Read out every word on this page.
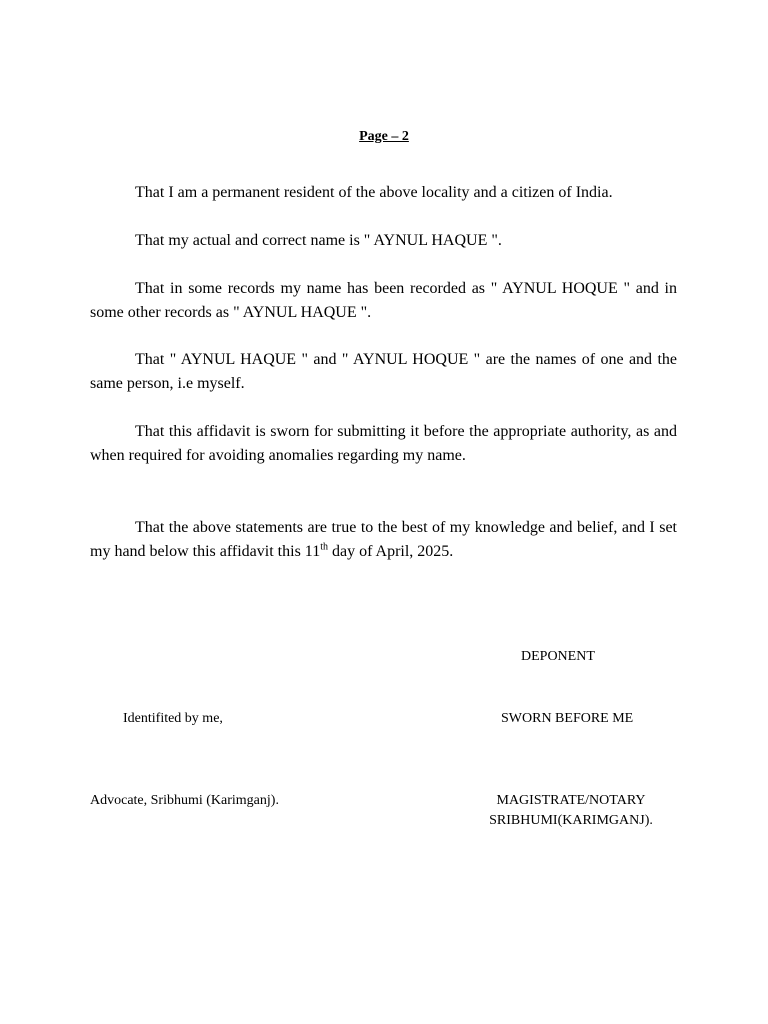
Page – 2

That I am a permanent resident of the above locality and a citizen of India.

That my actual and correct name is " AYNUL HAQUE ".

That in some records my name has been recorded as " AYNUL HOQUE " and in some other records as " AYNUL HAQUE ".

That " AYNUL HAQUE " and " AYNUL HOQUE " are the names of one and the same person, i.e myself.

That this affidavit is sworn for submitting it before the appropriate authority, as and when required for avoiding anomalies regarding my name.

That the above statements are true to the best of my knowledge and belief, and I set my hand below this affidavit this 11th day of April, 2025.

DEPONENT
Identifited by me,	SWORN BEFORE ME
Advocate, Sribhumi (Karimganj).	MAGISTRATE/NOTARY
SRIBHUMI(KARIMGANJ).
